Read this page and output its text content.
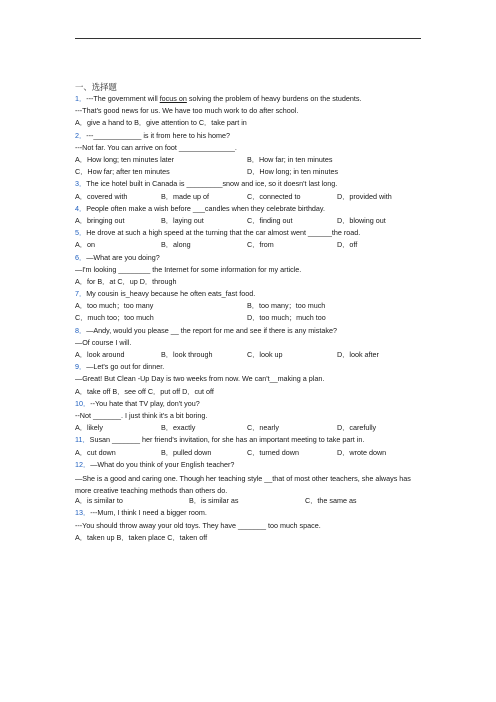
一、选择题
1．---The government will focus on solving the problem of heavy burdens on the students.
---That's good news for us. We have too much work to do after school.
A．give a hand to B．give attention to C．take part in
2．---____________ is it from here to his home?
---Not far. You can arrive on foot ______________.
A．How long; ten minutes later	B．How far; in ten minutes
C．How far; after ten minutes	D．How long; in ten minutes
3．The ice hotel built in Canada is _________snow and ice, so it doesn't last long.
A．covered with	B．made up of	C．connected to	D．provided with
4．People often make a wish before ___candles when they celebrate birthday.
A．bringing out	B．laying out	C．finding out	D．blowing out
5．He drove at such a high speed at the turning that the car almost went ______the road.
A．on	B．along	C．from	D．off
6．—What are you doing?
—I'm looking ________ the Internet for some information for my article.
A．for B．at C．up D．through
7．My cousin is_heavy because he often eats_fast food.
A．too much；too many	B．too many；too much
C．much too；too much	D．too much；much too
8．—Andy, would you please __ the report for me and see if there is any mistake?
—Of course I will.
A．look around	B．look through	C．look up	D．look after
9．—Let's go out for dinner.
—Great! But Clean -Up Day is two weeks from now. We can't__making a plan.
A．take off B．see off C．put off D．cut off
10．--You hate that TV play, don't you?
--Not _______. I just think it's a bit boring.
A．likely	B．exactly	C．nearly	D．carefully
11．Susan _______ her friend's invitation, for she has an important meeting to take part in.
A．cut down	B．pulled down	C．turned down	D．wrote down
12．—What do you think of your English teacher?
—She is a good and caring one. Though her teaching style __that of most other teachers, she always has more creative teaching methods than others do.
A．is similar to	B．is similar as	C．the same as
13．---Mum, I think I need a bigger room.
---You should throw away your old toys. They have _______ too much space.
A．taken up B．taken place C．taken off
